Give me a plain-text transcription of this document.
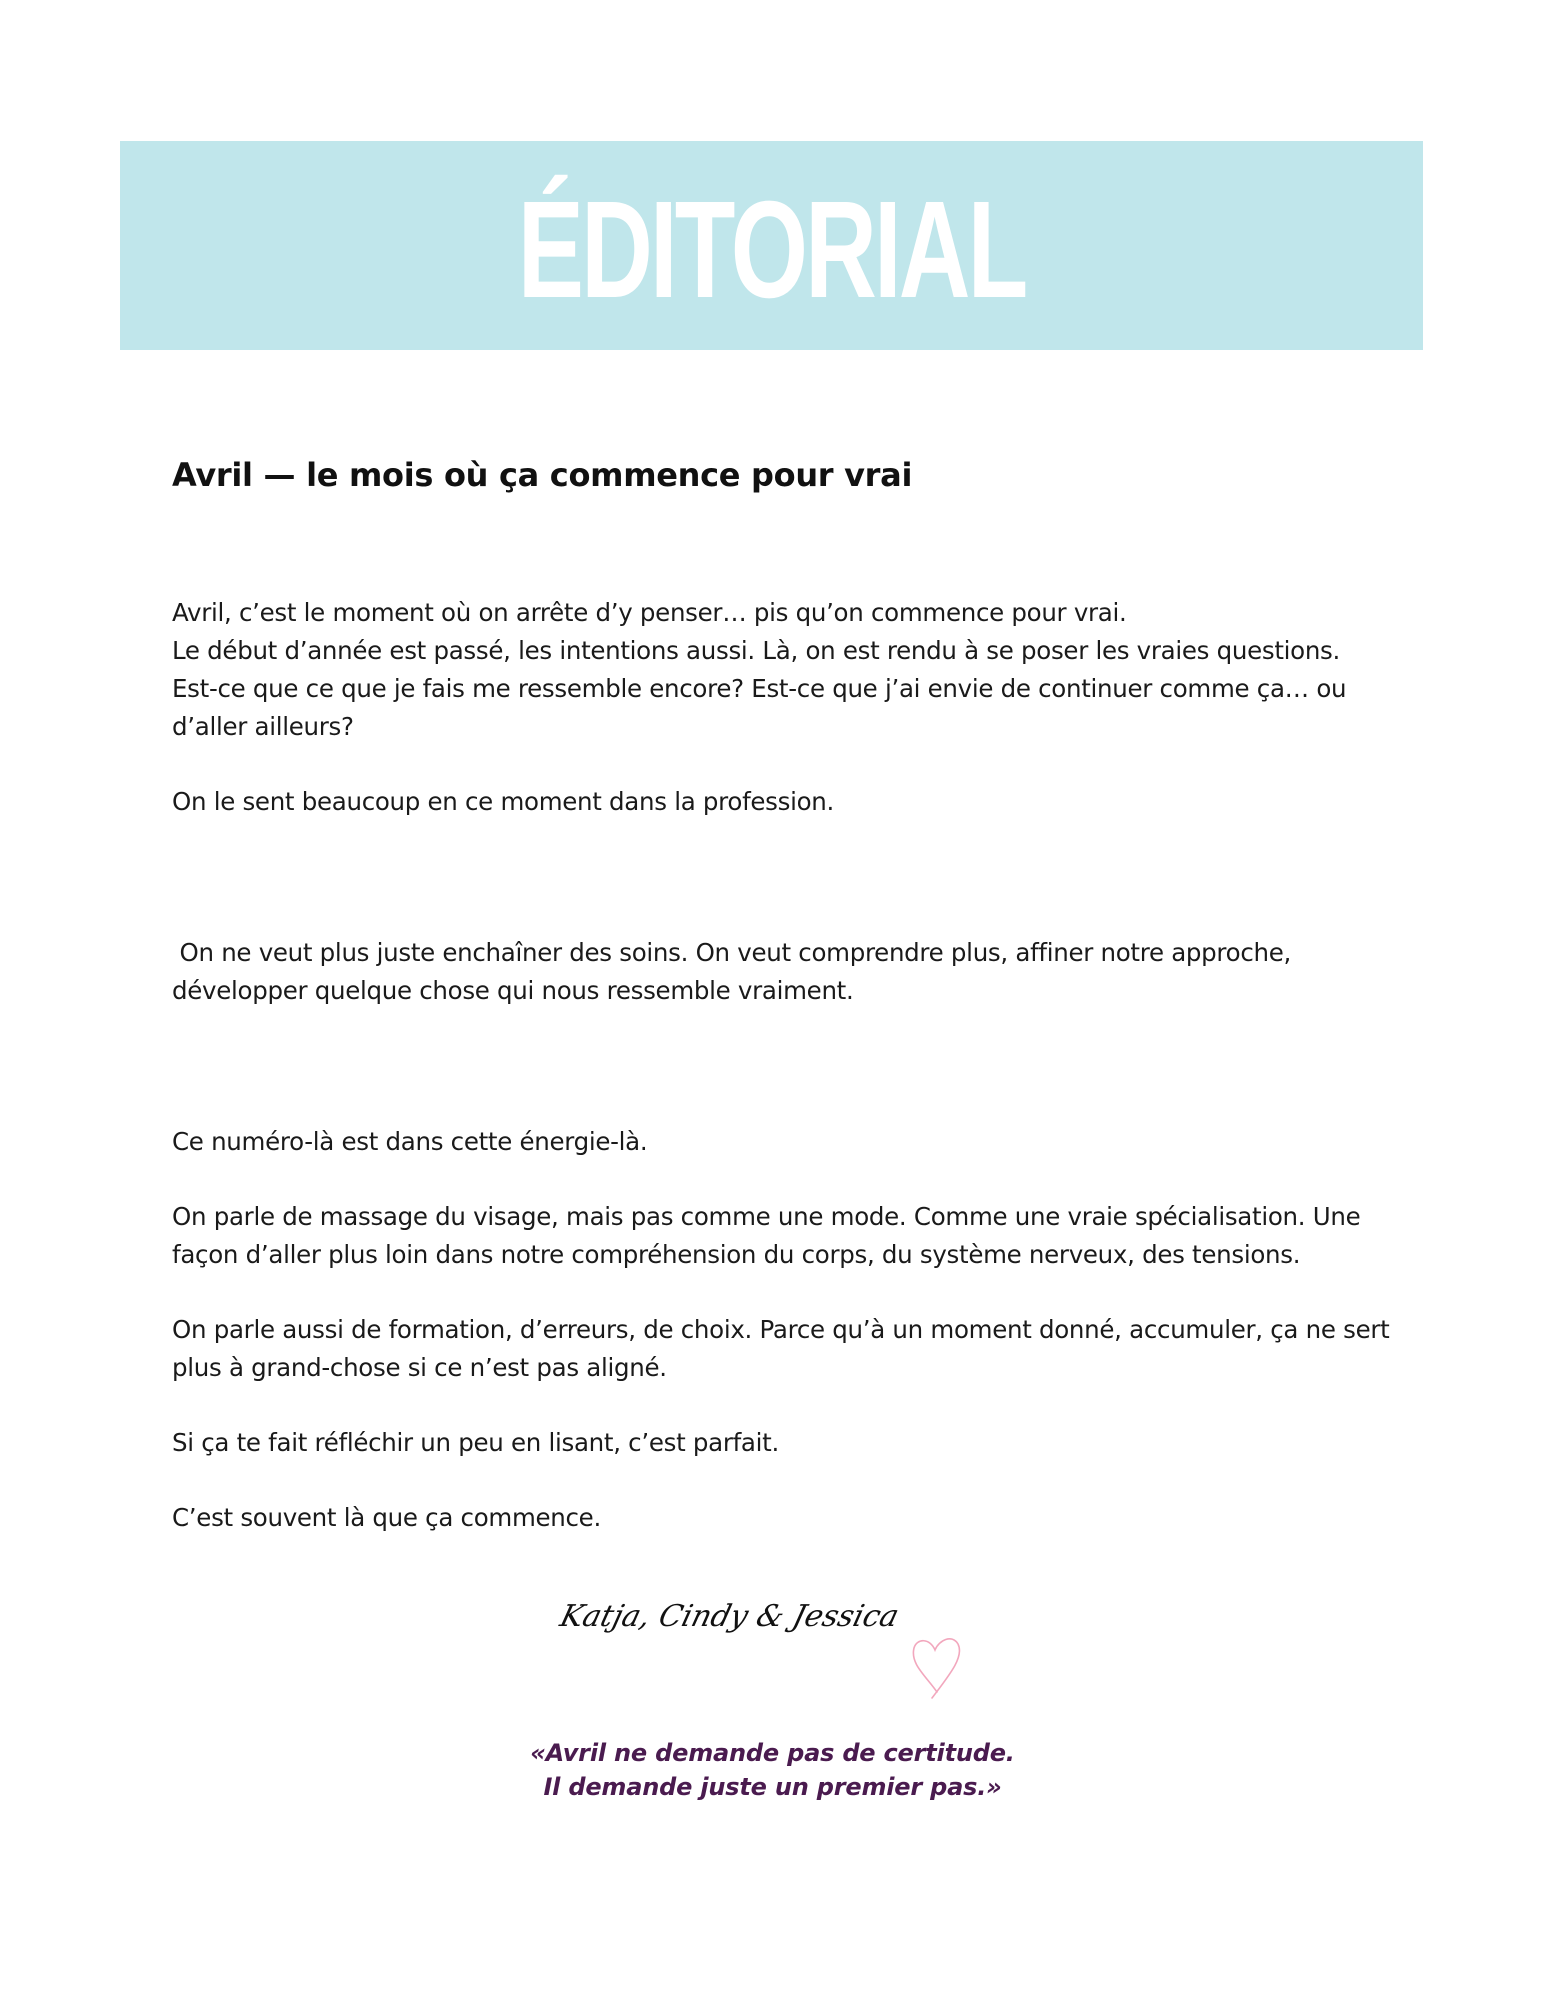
ÉDITORIAL
Avril — le mois où ça commence pour vrai

Avril, c’est le moment où on arrête d’y penser… pis qu’on commence pour vrai.
Le début d’année est passé, les intentions aussi. Là, on est rendu à se poser les vraies questions. Est-ce que ce que je fais me ressemble encore? Est-ce que j’ai envie de continuer comme ça… ou d’aller ailleurs?

On le sent beaucoup en ce moment dans la profession.

On ne veut plus juste enchaîner des soins. On veut comprendre plus, affiner notre approche, développer quelque chose qui nous ressemble vraiment.

Ce numéro-là est dans cette énergie-là.

On parle de massage du visage, mais pas comme une mode. Comme une vraie spécialisation. Une façon d’aller plus loin dans notre compréhension du corps, du système nerveux, des tensions.

On parle aussi de formation, d’erreurs, de choix. Parce qu’à un moment donné, accumuler, ça ne sert plus à grand-chose si ce n’est pas aligné.

Si ça te fait réfléchir un peu en lisant, c’est parfait.

C’est souvent là que ça commence.

Katja, Cindy & Jessica
«Avril ne demande pas de certitude.
Il demande juste un premier pas.»
